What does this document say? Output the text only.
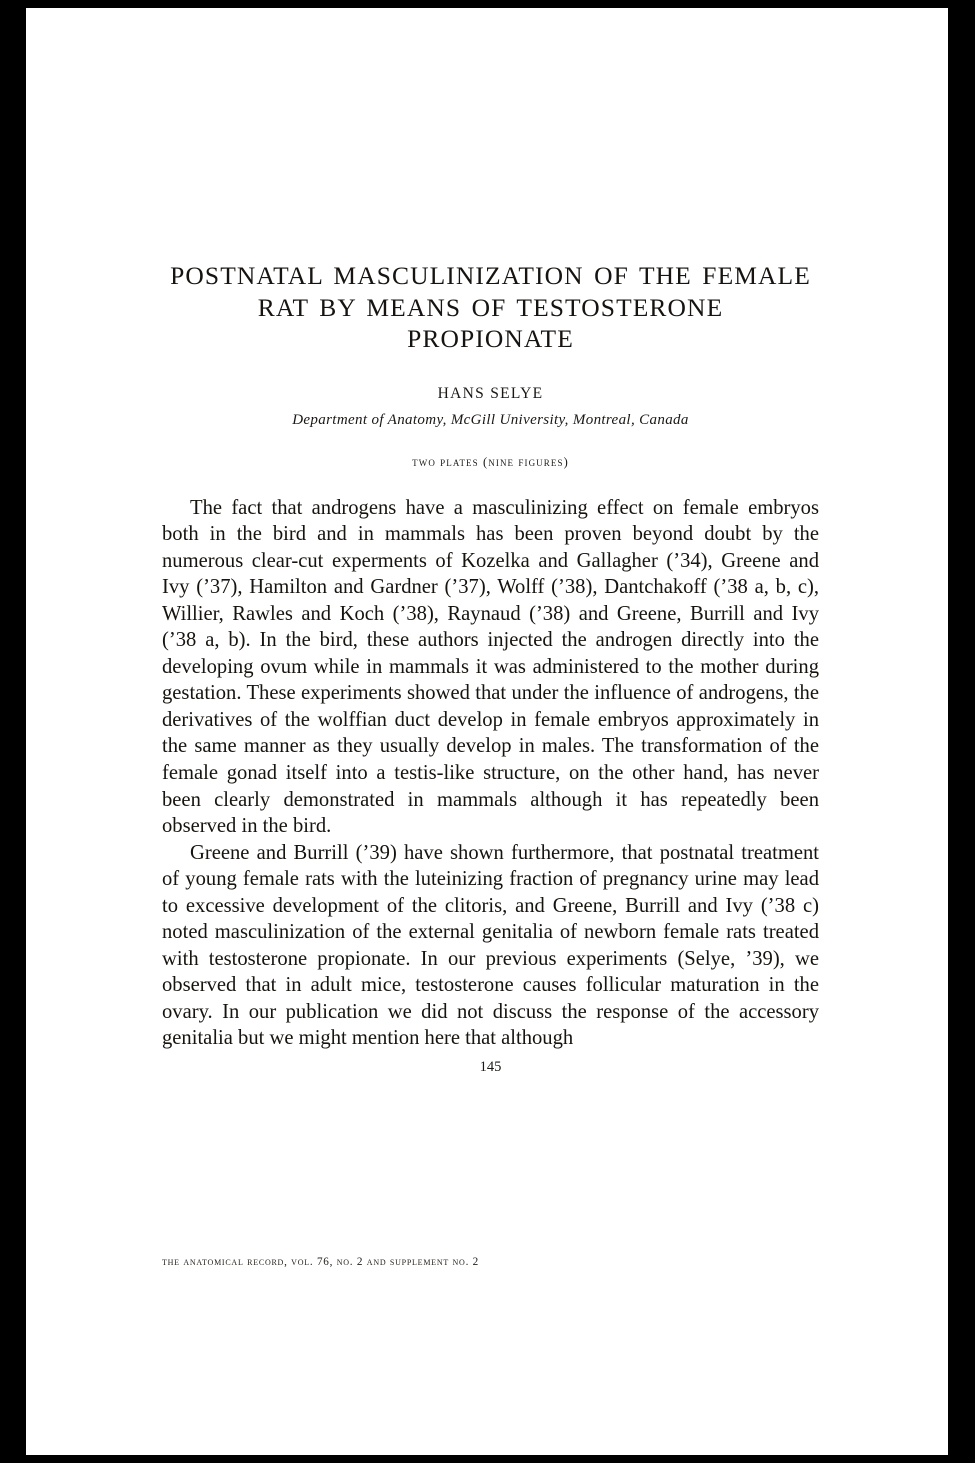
POSTNATAL MASCULINIZATION OF THE FEMALE
RAT BY MEANS OF TESTOSTERONE
PROPIONATE

HANS SELYE

Department of Anatomy, McGill University, Montreal, Canada

two plates (nine figures)

The fact that androgens have a masculinizing effect on female embryos both in the bird and in mammals has been proven beyond doubt by the numerous clear-cut experments of Kozelka and Gallagher (’34), Greene and Ivy (’37), Hamilton and Gardner (’37), Wolff (’38), Dantchakoff (’38 a, b, c), Willier, Rawles and Koch (’38), Raynaud (’38) and Greene, Burrill and Ivy (’38 a, b). In the bird, these authors injected the androgen directly into the developing ovum while in mammals it was administered to the mother during gestation. These experiments showed that under the influence of androgens, the derivatives of the wolffian duct develop in female embryos approximately in the same manner as they usually develop in males. The transformation of the female gonad itself into a testis-like structure, on the other hand, has never been clearly demonstrated in mammals although it has repeatedly been observed in the bird.

Greene and Burrill (’39) have shown furthermore, that postnatal treatment of young female rats with the luteinizing fraction of pregnancy urine may lead to excessive development of the clitoris, and Greene, Burrill and Ivy (’38 c) noted masculinization of the external genitalia of newborn female rats treated with testosterone propionate. In our previous experiments (Selye, ’39), we observed that in adult mice, testosterone causes follicular maturation in the ovary. In our publication we did not discuss the response of the accessory genitalia but we might mention here that although

145

the anatomical record, vol. 76, no. 2 and supplement no. 2
